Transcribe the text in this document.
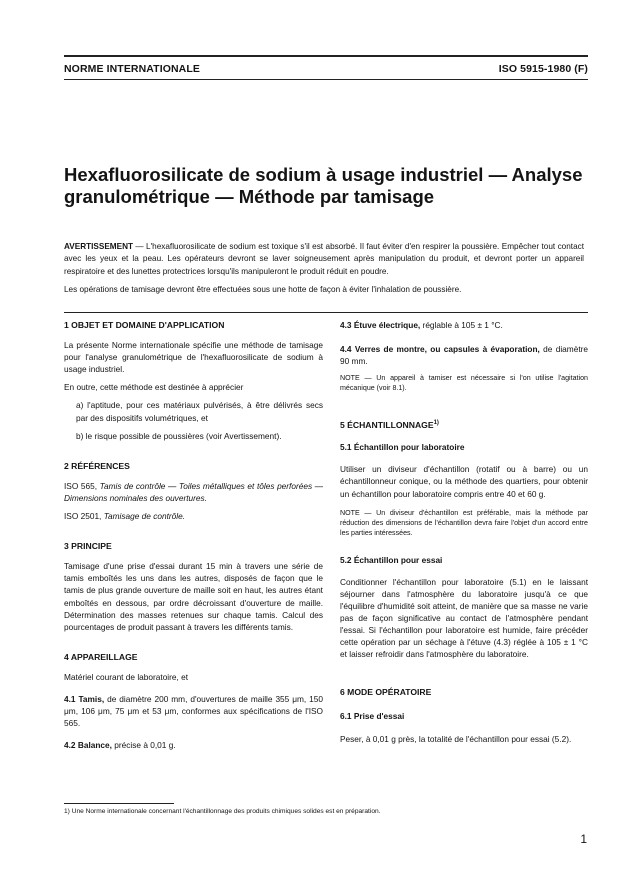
NORME INTERNATIONALE	ISO 5915-1980 (F)
Hexafluorosilicate de sodium à usage industriel — Analyse
granulométrique — Méthode par tamisage

AVERTISSEMENT — L'hexafluorosilicate de sodium est toxique s'il est absorbé. Il faut éviter d'en respirer la poussière. Empêcher tout contact avec les yeux et la peau. Les opérateurs devront se laver soigneusement après manipulation du produit, et devront porter un appareil respiratoire et des lunettes protectrices lorsqu'ils manipuleront le produit réduit en poudre.

Les opérations de tamisage devront être effectuées sous une hotte de façon à éviter l'inhalation de poussière.

1 OBJET ET DOMAINE D'APPLICATION

La présente Norme internationale spécifie une méthode de tamisage pour l'analyse granulométrique de l'hexafluorosilicate de sodium à usage industriel.

En outre, cette méthode est destinée à apprécier

a) l'aptitude, pour ces matériaux pulvérisés, à être délivrés secs par des dispositifs volumétriques, et

b) le risque possible de poussières (voir Avertissement).

2 RÉFÉRENCES

ISO 565, Tamis de contrôle — Toiles métalliques et tôles perforées — Dimensions nominales des ouvertures.

ISO 2501, Tamisage de contrôle.

3 PRINCIPE

Tamisage d'une prise d'essai durant 15 min à travers une série de tamis emboîtés les uns dans les autres, disposés de façon que le tamis de plus grande ouverture de maille soit en haut, les autres étant emboîtés en dessous, par ordre décroissant d'ouverture de maille. Détermination des masses retenues sur chaque tamis. Calcul des pourcentages de produit passant à travers les différents tamis.

4 APPAREILLAGE

Matériel courant de laboratoire, et

4.1 Tamis, de diamètre 200 mm, d'ouvertures de maille 355 μm, 150 μm, 106 μm, 75 μm et 53 μm, conformes aux spécifications de l'ISO 565.

4.2 Balance, précise à 0,01 g.

4.3 Étuve électrique, réglable à 105 ± 1 °C.

4.4 Verres de montre, ou capsules à évaporation, de diamètre 90 mm.

NOTE — Un appareil à tamiser est nécessaire si l'on utilise l'agitation mécanique (voir 8.1).

5 ÉCHANTILLONNAGE$^{1)}$
5.1 Échantillon pour laboratoire

Utiliser un diviseur d'échantillon (rotatif ou à barre) ou un échantillonneur conique, ou la méthode des quartiers, pour obtenir un échantillon pour laboratoire compris entre 40 et 60 g.

NOTE — Un diviseur d'échantillon est préférable, mais la méthode par réduction des dimensions de l'échantillon devra faire l'objet d'un accord entre les parties intéressées.

5.2 Échantillon pour essai

Conditionner l'échantillon pour laboratoire (5.1) en le laissant séjourner dans l'atmosphère du laboratoire jusqu'à ce que l'équilibre d'humidité soit atteint, de manière que sa masse ne varie pas de façon significative au contact de l'atmosphère pendant l'essai. Si l'échantillon pour laboratoire est humide, faire précéder cette opération par un séchage à l'étuve (4.3) réglée à 105 ± 1 °C et laisser refroidir dans l'atmosphère du laboratoire.

6 MODE OPÉRATOIRE
6.1 Prise d'essai

Peser, à 0,01 g près, la totalité de l'échantillon pour essai (5.2).

1) Une Norme internationale concernant l'échantillonnage des produits chimiques solides est en préparation.
1
